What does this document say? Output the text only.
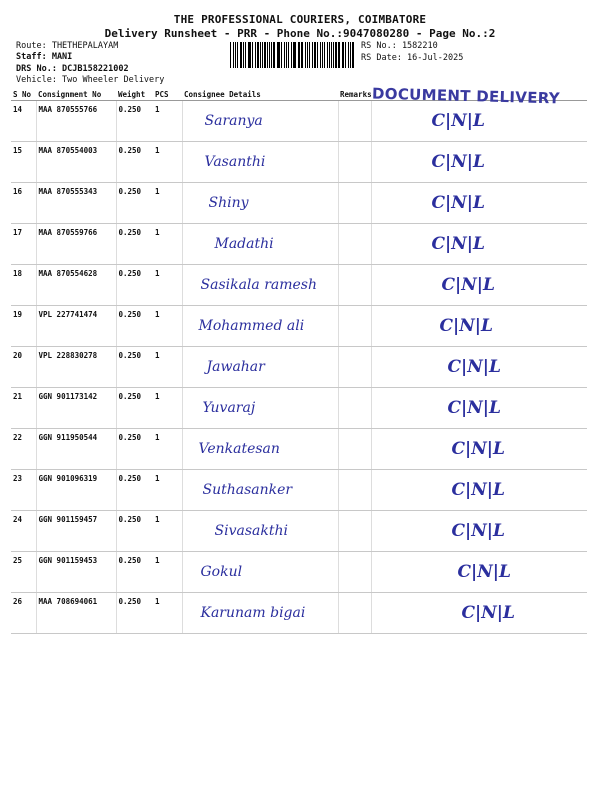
THE PROFESSIONAL COURIERS, COIMBATORE
Delivery Runsheet - PRR - Phone No.:9047080280 - Page No.:2
Route: THETHEPALAYAM
Staff: MANI
DRS No.: DCJB158221002
Vehicle: Two Wheeler Delivery
RS No.: 1582210
RS Date: 16-Jul-2025
S No	Consignment No	Weight	PCS	Consignee Details	Remarks	

14	MAA 870555766	0.250	1	Saranya		C|N|L

15	MAA 870554003	0.250	1	Vasanthi		C|N|L

16	MAA 870555343	0.250	1	Shiny		C|N|L

17	MAA 870559766	0.250	1	Madathi		C|N|L

18	MAA 870554628	0.250	1	Sasikala ramesh		C|N|L

19	VPL 227741474	0.250	1	Mohammed ali		C|N|L

20	VPL 228830278	0.250	1	Jawahar		C|N|L

21	GGN 901173142	0.250	1	Yuvaraj		C|N|L

22	GGN 911950544	0.250	1	Venkatesan		C|N|L

23	GGN 901096319	0.250	1	Suthasanker		C|N|L

24	GGN 901159457	0.250	1	Sivasakthi		C|N|L

25	GGN 901159453	0.250	1	Gokul		C|N|L

26	MAA 708694061	0.250	1	Karunam bigai		C|N|L
DOCUMENT DELIVERY
